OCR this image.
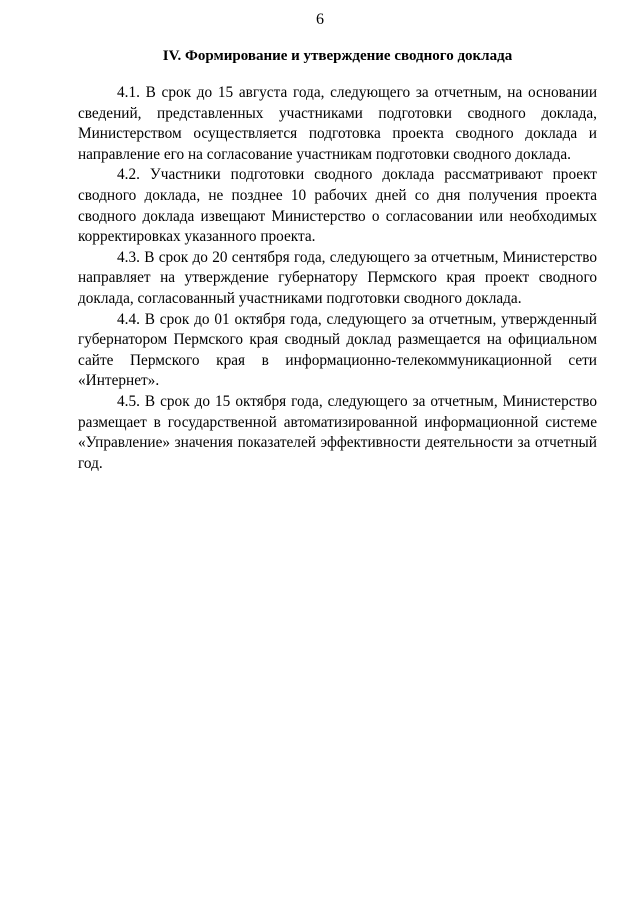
6
IV. Формирование и утверждение сводного доклада

4.1. В срок до 15 августа года, следующего за отчетным, на основании сведений, представленных участниками подготовки сводного доклада, Министерством осуществляется подготовка проекта сводного доклада и направление его на согласование участникам подготовки сводного доклада.

4.2. Участники подготовки сводного доклада рассматривают проект сводного доклада, не позднее 10 рабочих дней со дня получения проекта сводного доклада извещают Министерство о согласовании или необходимых корректировках указанного проекта.

4.3. В срок до 20 сентября года, следующего за отчетным, Министерство направляет на утверждение губернатору Пермского края проект сводного доклада, согласованный участниками подготовки сводного доклада.

4.4. В срок до 01 октября года, следующего за отчетным, утвержденный губернатором Пермского края сводный доклад размещается на официальном сайте Пермского края в информационно-телекоммуникационной сети «Интернет».

4.5. В срок до 15 октября года, следующего за отчетным, Министерство размещает в государственной автоматизированной информационной системе «Управление» значения показателей эффективности деятельности за отчетный год.
